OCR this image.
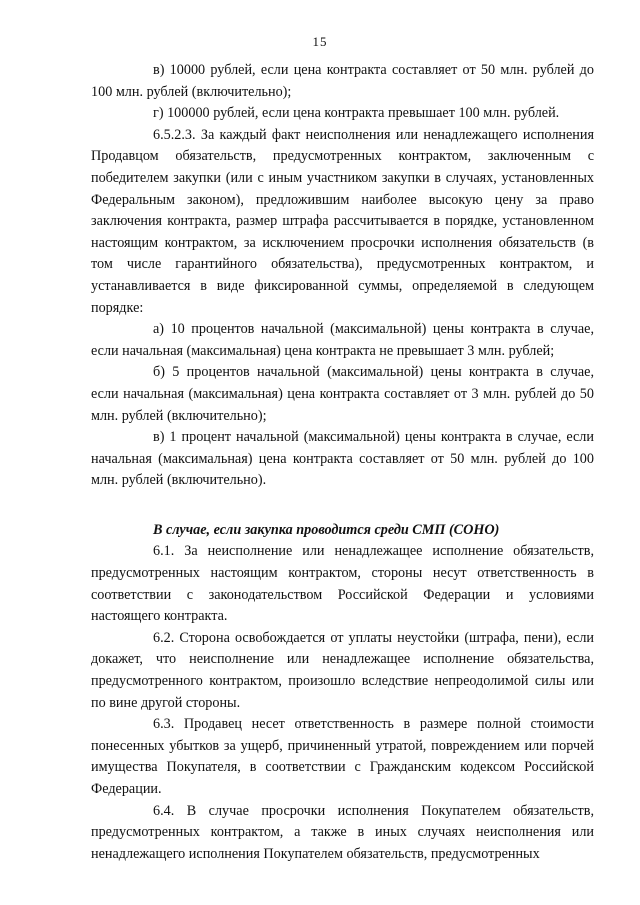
15

в) 10000 рублей, если цена контракта составляет от 50 млн. рублей до 100 млн. рублей (включительно);

г) 100000 рублей, если цена контракта превышает 100 млн. рублей.

6.5.2.3. За каждый факт неисполнения или ненадлежащего исполнения Продавцом обязательств, предусмотренных контрактом, заключенным с победителем закупки (или с иным участником закупки в случаях, установленных Федеральным законом), предложившим наиболее высокую цену за право заключения контракта, размер штрафа рассчитывается в порядке, установленном настоящим контрактом, за исключением просрочки исполнения обязательств (в том числе гарантийного обязательства), предусмотренных контрактом, и устанавливается в виде фиксированной суммы, определяемой в следующем порядке:

а) 10 процентов начальной (максимальной) цены контракта в случае, если начальная (максимальная) цена контракта не превышает 3 млн. рублей;

б) 5 процентов начальной (максимальной) цены контракта в случае, если начальная (максимальная) цена контракта составляет от 3 млн. рублей до 50 млн. рублей (включительно);

в) 1 процент начальной (максимальной) цены контракта в случае, если начальная (максимальная) цена контракта составляет от 50 млн. рублей до 100 млн. рублей (включительно).

В случае, если закупка проводится среди СМП (СОНО)

6.1. За неисполнение или ненадлежащее исполнение обязательств, предусмотренных настоящим контрактом, стороны несут ответственность в соответствии с законодательством Российской Федерации и условиями настоящего контракта.

6.2. Сторона освобождается от уплаты неустойки (штрафа, пени), если докажет, что неисполнение или ненадлежащее исполнение обязательства, предусмотренного контрактом, произошло вследствие непреодолимой силы или по вине другой стороны.

6.3. Продавец несет ответственность в размере полной стоимости понесенных убытков за ущерб, причиненный утратой, повреждением или порчей имущества Покупателя, в соответствии с Гражданским кодексом Российской Федерации.

6.4. В случае просрочки исполнения Покупателем обязательств, предусмотренных контрактом, а также в иных случаях неисполнения или ненадлежащего исполнения Покупателем обязательств, предусмотренных
